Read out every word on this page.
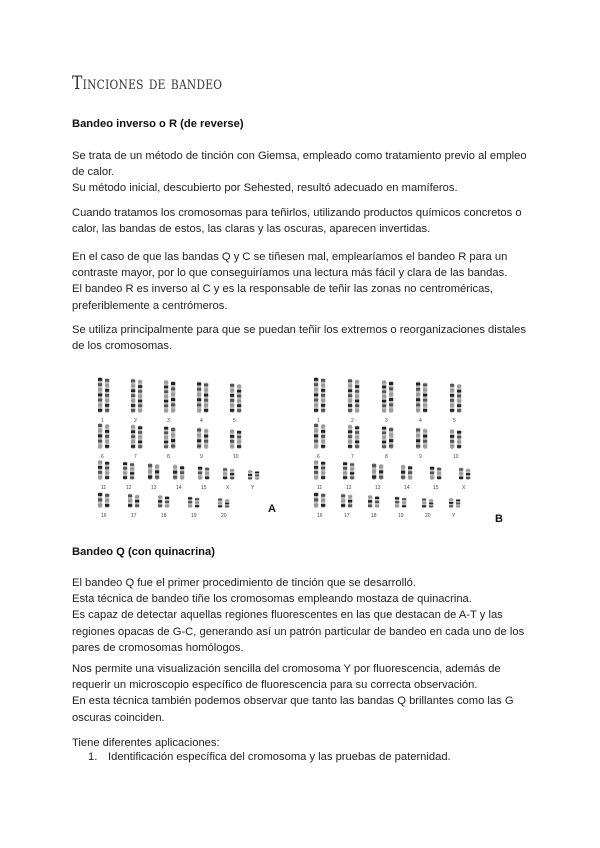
Tinciones de bandeo
Bandeo inverso o R (de reverse)
Se trata de un método de tinción con Giemsa, empleado como tratamiento previo al empleo
de calor.
Su método inicial, descubierto por Sehested, resultó adecuado en mamíferos.
Cuando tratamos los cromosomas para teñirlos, utilizando productos químicos concretos o
calor, las bandas de estos, las claras y las oscuras, aparecen invertidas.
En el caso de que las bandas Q y C se tiñesen mal, emplearíamos el bandeo R para un
contraste mayor, por lo que conseguiríamos una lectura más fácil y clara de las bandas.
El bandeo R es inverso al C y es la responsable de teñir las zonas no centroméricas,
preferiblemente a centrómeros.
Se utiliza principalmente para que se puedan teñir los extremos o reorganizaciones distales
de los cromosomas.
1	2	3	4	5
6	7	8	9	10
11	12	13	14	15	X	Y
16	17	18	19	20
1	2	3	4	5
6	7	8	9	10
11	12	13	14	15	X
16	17	18	19	20	Y
A
B
Bandeo Q (con quinacrina)
El bandeo Q fue el primer procedimiento de tinción que se desarrolló.
Esta técnica de bandeo tiñe los cromosomas empleando mostaza de quinacrina.
Es capaz de detectar aquellas regiones fluorescentes en las que destacan de A-T y las
regiones opacas de G-C, generando así un patrón particular de bandeo en cada uno de los
pares de cromosomas homólogos.
Nos permite una visualización sencilla del cromosoma Y por fluorescencia, además de
requerir un microscopio específico de fluorescencia para su correcta observación.
En esta técnica también podemos observar que tanto las bandas Q brillantes como las G
oscuras coinciden.
Tiene diferentes aplicaciones:
1. Identificación específica del cromosoma y las pruebas de paternidad.
